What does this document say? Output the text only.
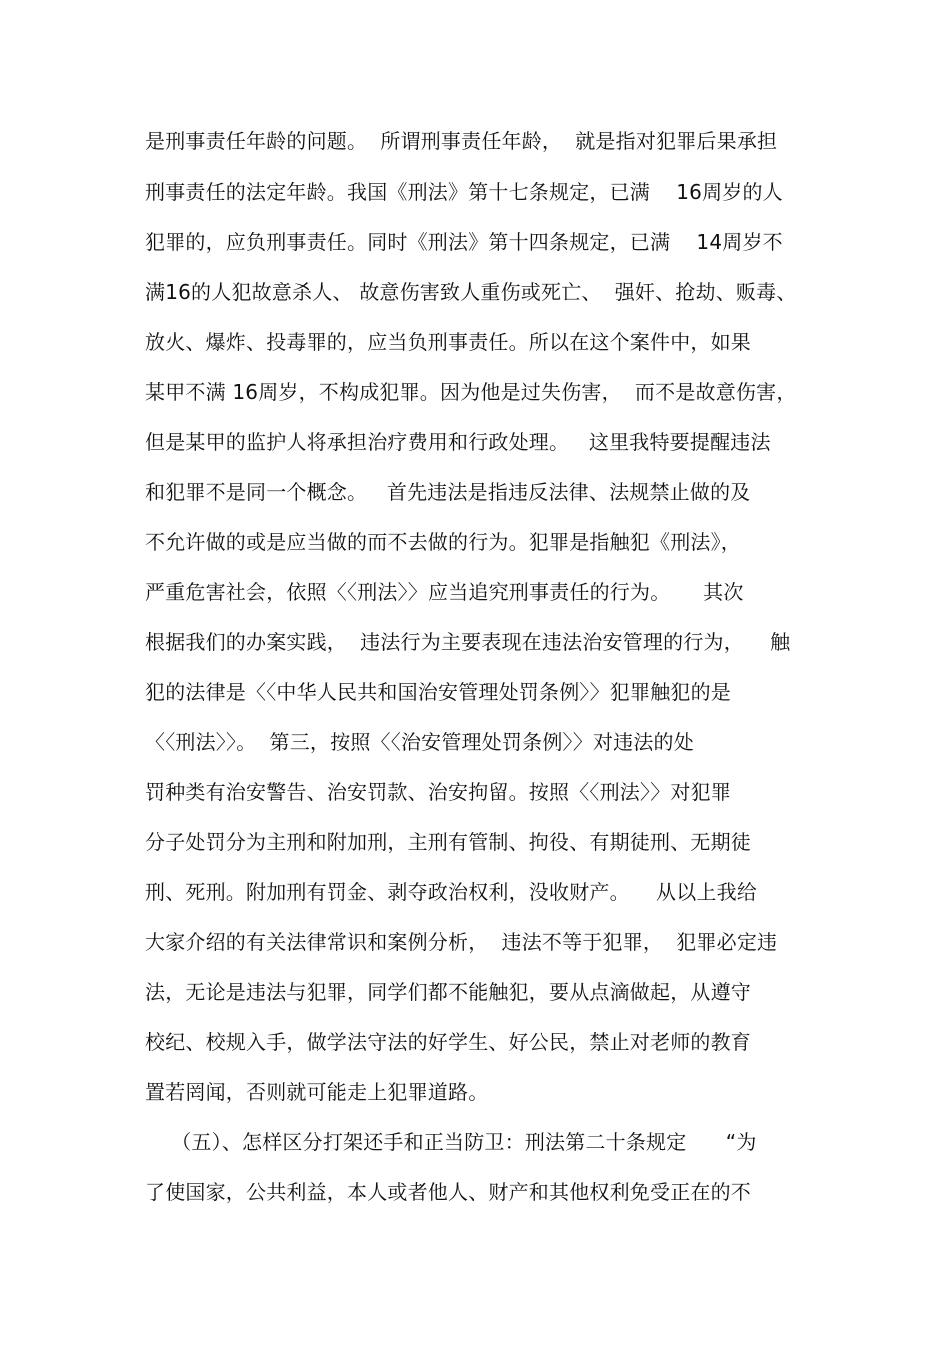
是刑事责任年龄的问题。  所谓刑事责任年龄，  就是指对犯罪后果承担
刑事责任的法定年龄。我国《刑法》第十七条规定，已满    16周岁的人
犯罪的，应负刑事责任。同时《刑法》第十四条规定，已满    14周岁不
满16的人犯故意杀人、 故意伤害致人重伤或死亡、  强奸、抢劫、贩毒、
放火、爆炸、投毒罪的，应当负刑事责任。所以在这个案件中，如果
某甲不满 16周岁，不构成犯罪。因为他是过失伤害，  而不是故意伤害，
但是某甲的监护人将承担治疗费用和行政处理。   这里我特要提醒违法
和犯罪不是同一个概念。   首先违法是指违反法律、法规禁止做的及
不允许做的或是应当做的而不去做的行为。犯罪是指触犯《刑法》，
严重危害社会，依照〈〈刑法〉〉应当追究刑事责任的行为。     其次
根据我们的办案实践，  违法行为主要表现在违法治安管理的行为，    触
犯的法律是〈〈中华人民共和国治安管理处罚条例〉〉犯罪触犯的是
〈〈刑法〉〉。  第三，按照〈〈治安管理处罚条例〉〉对违法的处
罚种类有治安警告、治安罚款、治安拘留。按照〈〈刑法〉〉对犯罪
分子处罚分为主刑和附加刑，主刑有管制、拘役、有期徒刑、无期徒
刑、死刑。附加刑有罚金、剥夺政治权利，没收财产。    从以上我给
大家介绍的有关法律常识和案例分析，  违法不等于犯罪，  犯罪必定违
法，无论是违法与犯罪，同学们都不能触犯，要从点滴做起，从遵守
校纪、校规入手，做学法守法的好学生、好公民，禁止对老师的教育
置若罔闻，否则就可能走上犯罪道路。
（五）、怎样区分打架还手和正当防卫：刑法第二十条规定      “为
了使国家，公共利益，本人或者他人、财产和其他权利免受正在的不
